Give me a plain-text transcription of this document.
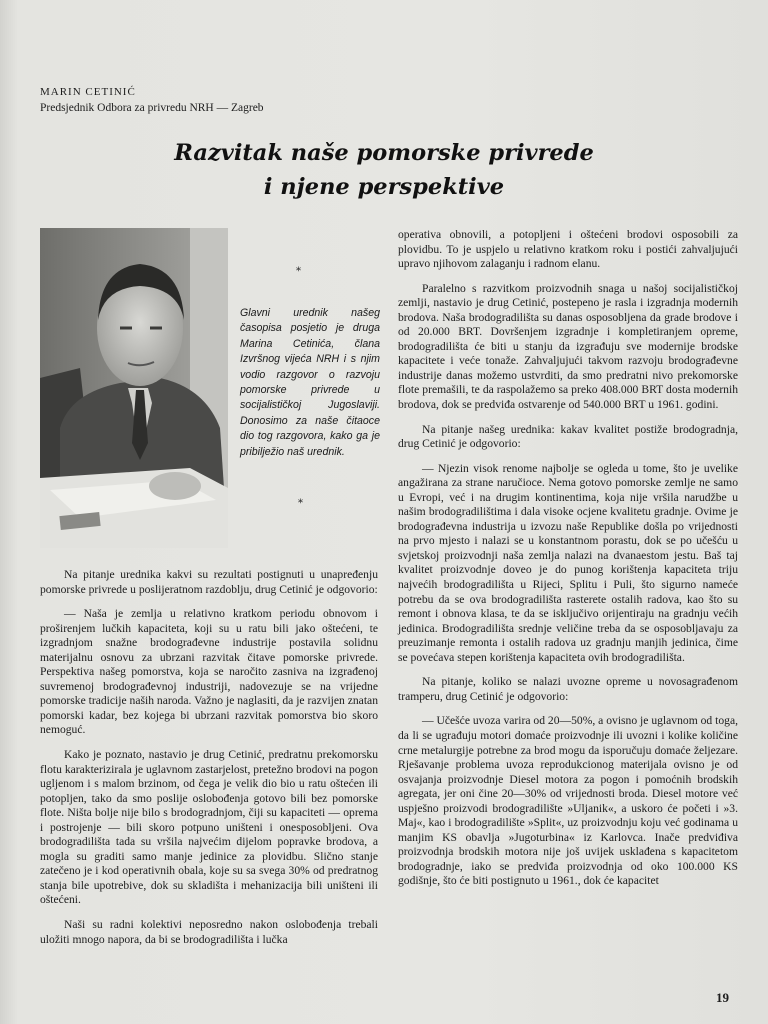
MARIN CETINIĆ
Predsjednik Odbora za privredu NRH — Zagreb
Razvitak naše pomorske privrede
i njene perspektive
*
Glavni urednik našeg časopisa posjetio je druga Marina Cetinića, člana Izvršnog vijeća NRH i s njim vodio razgovor o razvoju pomorske privrede u socijalističkoj Jugoslaviji. Donosimo za naše čitaoce dio tog razgovora, kako ga je pribilježio naš urednik.
*

Na pitanje urednika kakvi su rezultati postignuti u unapređenju pomorske privrede u poslijeratnom razdoblju, drug Cetinić je odgovorio:

— Naša je zemlja u relativno kratkom periodu obnovom i proširenjem lučkih kapaciteta, koji su u ratu bili jako oštećeni, te izgradnjom snažne brodograđevne industrije postavila solidnu materijalnu osnovu za ubrzani razvitak čitave pomorske privrede. Perspektiva našeg pomorstva, koja se naročito zasniva na izgrađenoj suvremenoj brodograđevnoj industriji, nadovezuje se na vrijedne pomorske tradicije naših naroda. Važno je naglasiti, da je razvijen znatan pomorski kadar, bez kojega bi ubrzani razvitak pomorstva bio skoro nemoguć.

Kako je poznato, nastavio je drug Cetinić, predratnu prekomorsku flotu karakterizirala je uglavnom zastarjelost, pretežno brodovi na pogon ugljenom i s malom brzinom, od čega je velik dio bio u ratu oštećen ili potopljen, tako da smo poslije oslobođenja gotovo bili bez pomorske flote. Ništa bolje nije bilo s brodogradnjom, čiji su kapaciteti — oprema i postrojenje — bili skoro potpuno uništeni i onesposobljeni. Ova brodogradilišta tada su vršila najvećim dijelom popravke brodova, a mogla su graditi samo manje jedinice za plovidbu. Slično stanje zatečeno je i kod operativnih obala, koje su sa svega 30% od predratnog stanja bile upotrebive, dok su skladišta i mehanizacija bili uništeni ili oštećeni.

Naši su radni kolektivi neposredno nakon oslobođenja trebali uložiti mnogo napora, da bi se brodogradilišta i lučka

operativa obnovili, a potopljeni i oštećeni brodovi osposobili za plovidbu. To je uspjelo u relativno kratkom roku i postići zahvaljujući upravo njihovom zalaganju i radnom elanu.

Paralelno s razvitkom proizvodnih snaga u našoj socijalističkoj zemlji, nastavio je drug Cetinić, postepeno je rasla i izgradnja modernih brodova. Naša brodogradilišta su danas osposobljena da grade brodove i od 20.000 BRT. Dovršenjem izgradnje i kompletiranjem opreme, brodogradilišta će biti u stanju da izgrađuju sve modernije brodske kapacitete i veće tonaže. Zahvaljujući takvom razvoju brodograđevne industrije danas možemo ustvrditi, da smo predratni nivo prekomorske flote premašili, te da raspolažemo sa preko 408.000 BRT dosta modernih brodova, dok se predviđa ostvarenje od 540.000 BRT u 1961. godini.

Na pitanje našeg urednika: kakav kvalitet postiže brodogradnja, drug Cetinić je odgovorio:

— Njezin visok renome najbolje se ogleda u tome, što je uvelike angažirana za strane naručioce. Nema gotovo pomorske zemlje ne samo u Evropi, već i na drugim kontinentima, koja nije vršila narudžbe u našim brodogradilištima i dala visoke ocjene kvalitetu gradnje. Ovime je brodograđevna industrija u izvozu naše Republike došla po vrijednosti na prvo mjesto i nalazi se u konstantnom porastu, dok se po učešću u svjetskoj proizvodnji naša zemlja nalazi na dvanaestom jestu. Baš taj kvalitet proizvodnje doveo je do punog korištenja kapaciteta triju najvećih brodogradilišta u Rijeci, Splitu i Puli, što sigurno nameće potrebu da se ova brodogradilišta rasterete ostalih radova, kao što su remont i obnova klasa, te da se isključivo orijentiraju na gradnju većih jedinica. Brodogradilišta srednje veličine treba da se osposobljavaju za preuzimanje remonta i ostalih radova uz gradnju manjih jedinica, čime se povećava stepen korištenja kapaciteta ovih brodogradilišta.

Na pitanje, koliko se nalazi uvozne opreme u novosagrađenom tramperu, drug Cetinić je odgovorio:

— Učešće uvoza varira od 20—50%, a ovisno je uglavnom od toga, da li se ugrađuju motori domaće proizvodnje ili uvozni i kolike količine crne metalurgije potrebne za brod mogu da isporučuju domaće željezare. Rješavanje problema uvoza reprodukcionog materijala ovisno je od osvajanja proizvodnje Diesel motora za pogon i pomoćnih brodskih agregata, jer oni čine 20—30% od vrijednosti broda. Diesel motore već uspješno proizvodi brodogradilište »Uljanik«, a uskoro će početi i »3. Maj«, kao i brodogradilište »Split«, uz proizvodnju koju već godinama u manjim KS obavlja »Jugoturbina« iz Karlovca. Inače predviđiva proizvodnja brodskih motora nije još uvijek usklađena s kapacitetom brodogradnje, iako se predviđa proizvodnja od oko 100.000 KS godišnje, što će biti postignuto u 1961., dok će kapacitet

19
